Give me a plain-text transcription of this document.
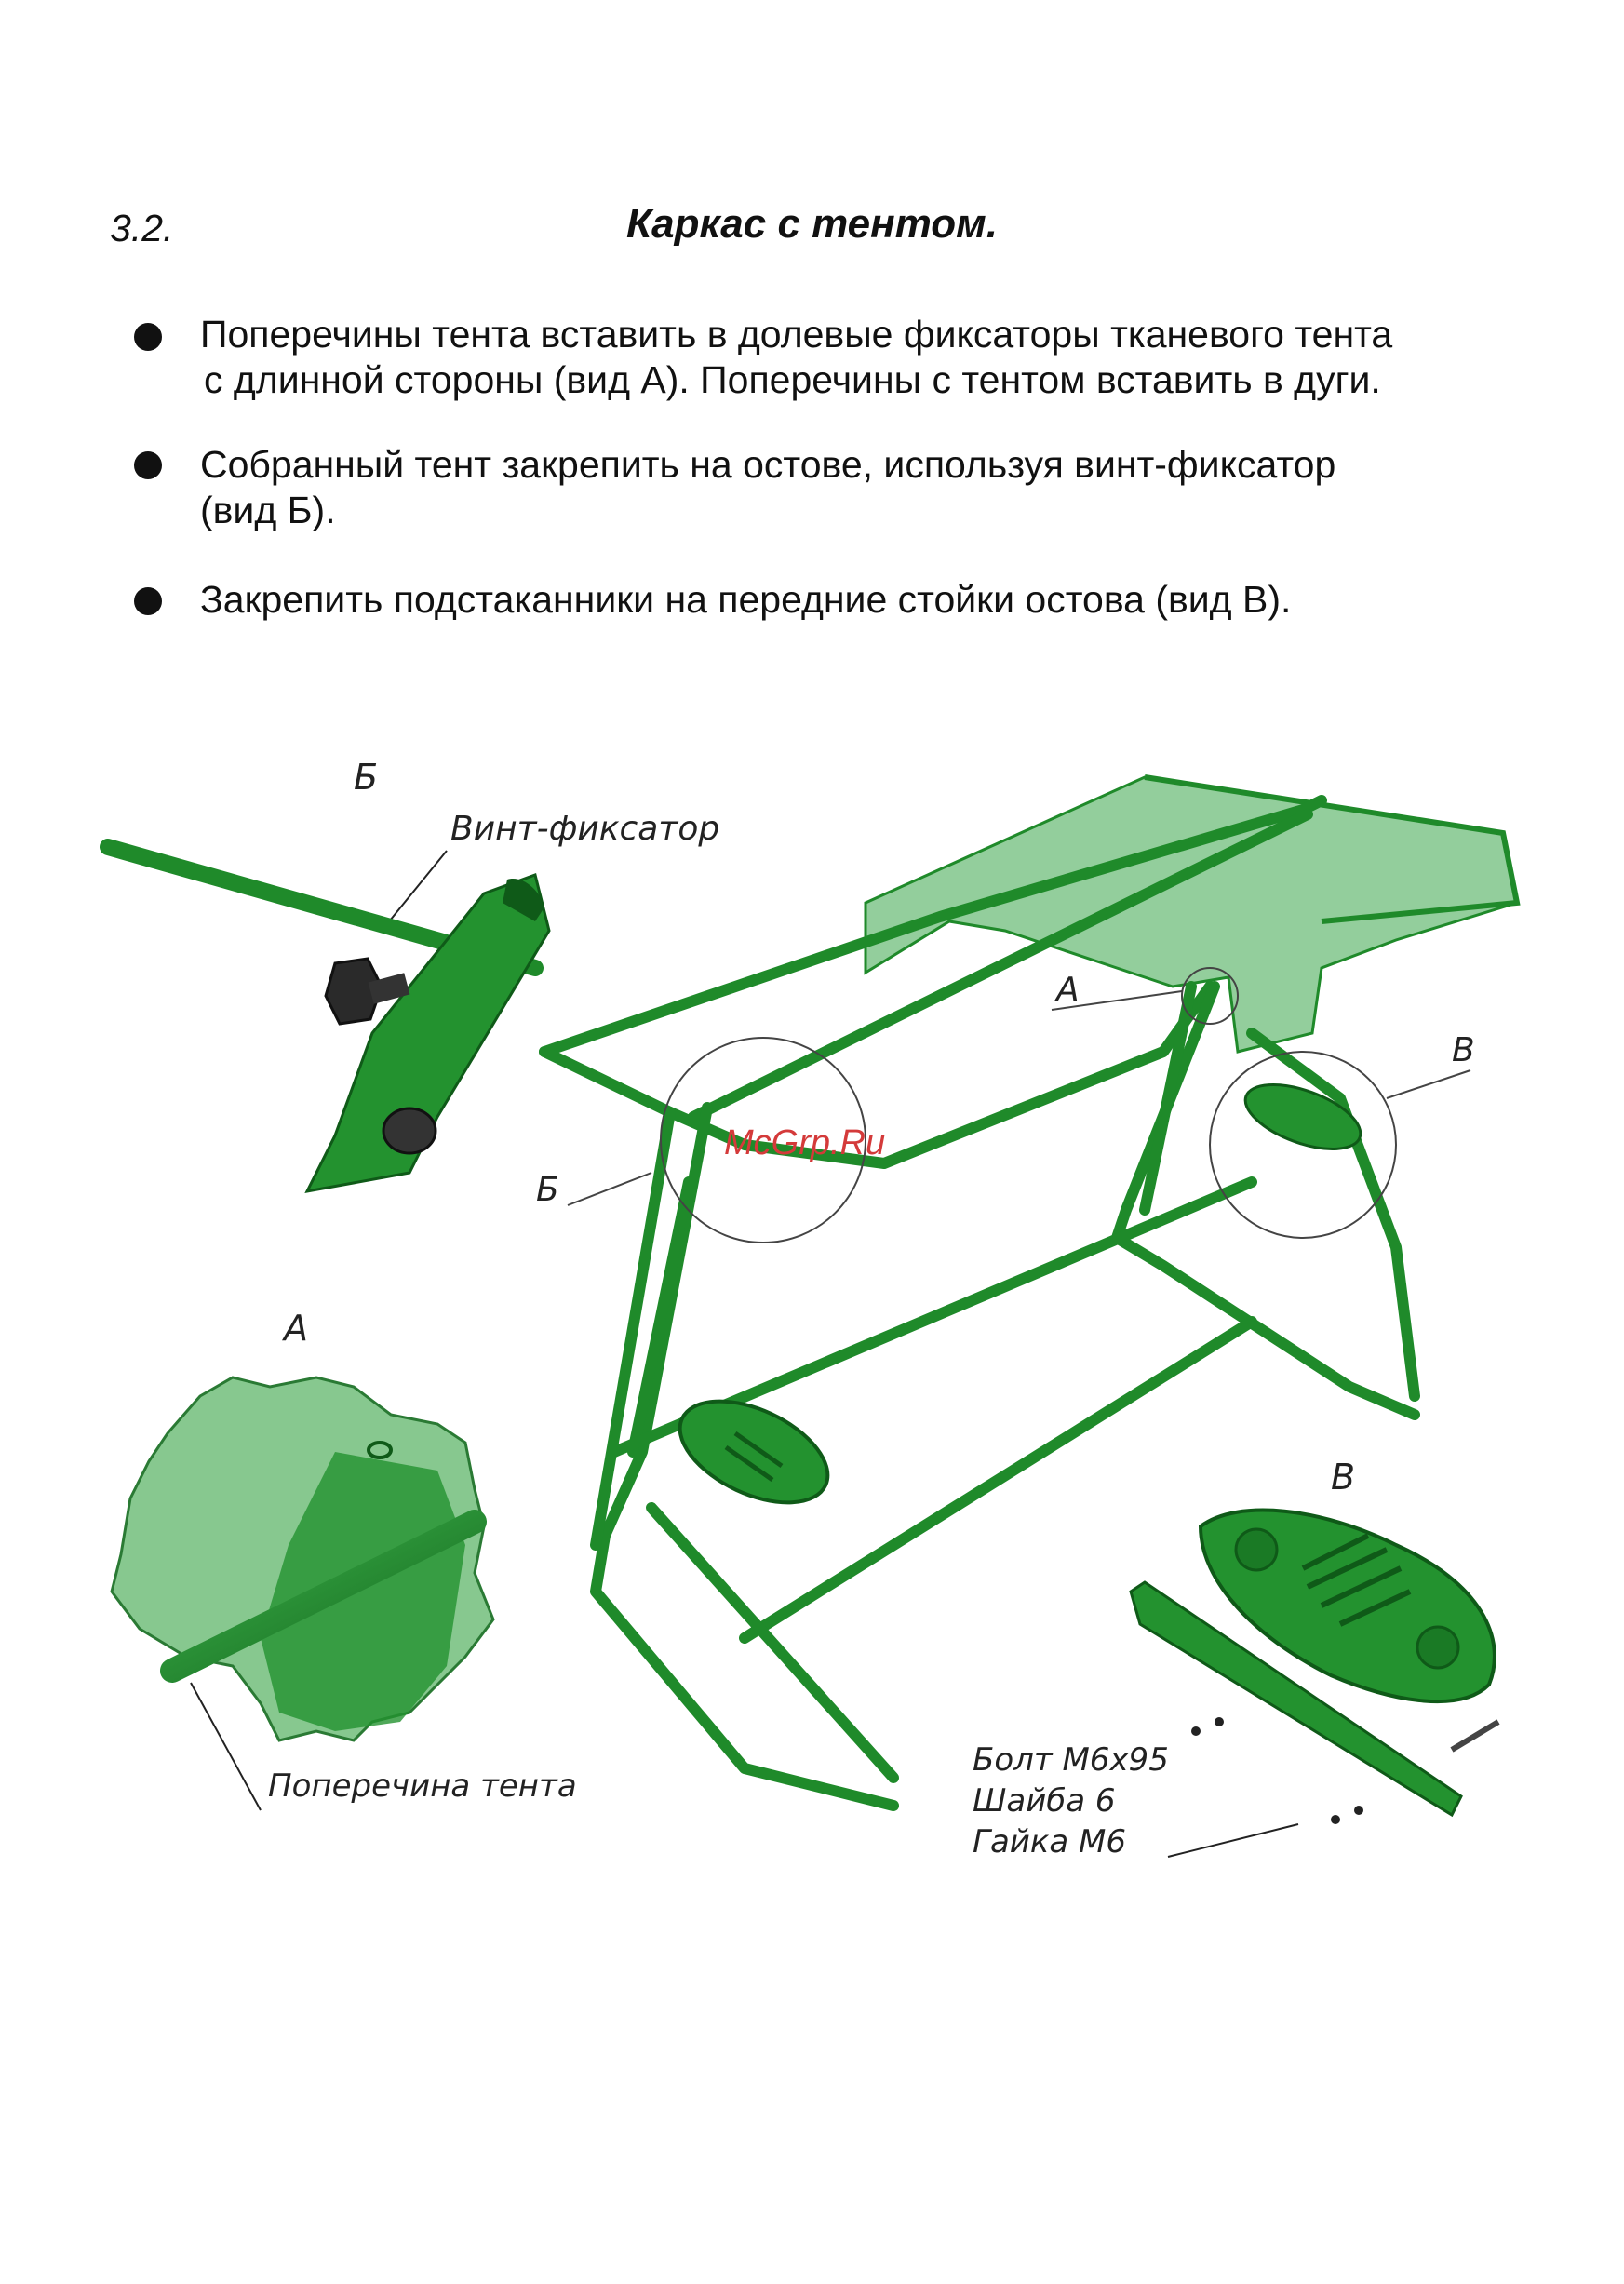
3.2.	Каркас с тентом.
Поперечины тента вставить в долевые фиксаторы тканевого тента
с длинной стороны (вид А). Поперечины с тентом вставить в дуги.
Собранный тент закрепить на остове, используя винт-фиксатор
(вид Б).
Закрепить подстаканники на передние стойки остова (вид В).
Б
Винт-фиксатор
А
Поперечина тента
Б
А
В
McGrp.Ru
В
Болт М6х95
Шайба 6
Гайка М6
